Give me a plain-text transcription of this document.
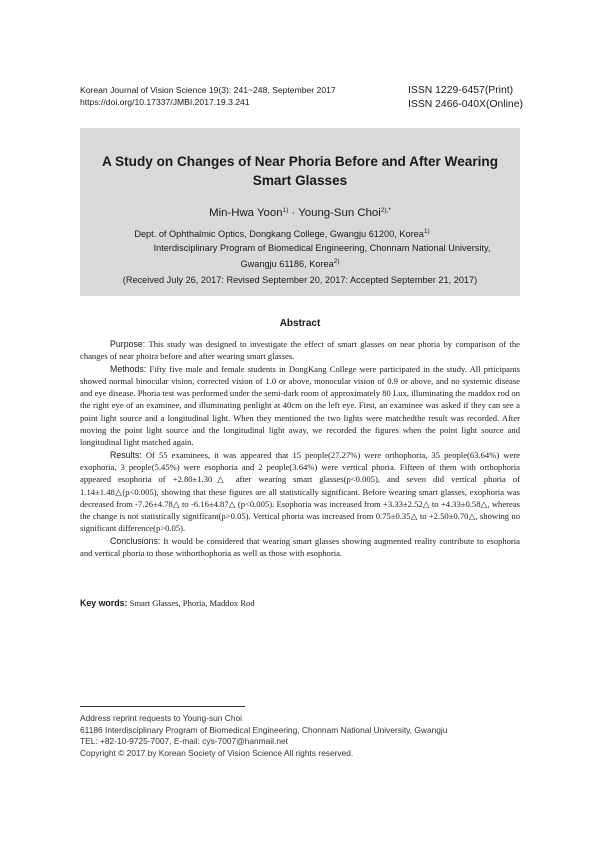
Korean Journal of Vision Science 19(3): 241~248, September 2017
https://doi.org/10.17337/JMBI.2017.19.3.241
ISSN 1229-6457(Print)
ISSN 2466-040X(Online)
A Study on Changes of Near Phoria Before and After Wearing
Smart Glasses
Min-Hwa Yoon$^{1)}$ · Young-Sun Choi$^{2),*}$
Dept. of Ophthalmic Optics, Dongkang College, Gwangju 61200, Korea$^{1)}$
Interdisciplinary Program of Biomedical Engineering, Chonnam National University,
Gwangju 61186, Korea$^{2)}$
(Received July 26, 2017: Revised September 20, 2017: Accepted September 21, 2017)
Abstract

Purpose: This study was designed to investigate the effect of smart glasses on near phoria by comparison of the changes of near phoira before and after wearing smart glasses.

Methods: Fifty five male and female students in DongKang College were participated in the study. All prticipants showed normal binocular vision, corrected vision of 1.0 or above, monocular vision of 0.9 or above, and no systemic disease and eye disease. Phoria test was performed under the semi-dark room of approximately 80 Lux, illuminating the maddox rod on the right eye of an examinee, and illuminating penlight at 40cm on the left eye. First, an examinee was asked if they can see a point light source and a longitudinal light. When they mentioned the two lights were matchedthe result was recorded. After moving the point light source and the longitudinal light away, we recorded the figures when the point light source and longitudinal light matched again.

Results: Of 55 examinees, it was appeared that 15 people(27.27%) were orthophoria, 35 people(63.64%) were exophoria, 3 people(5.45%) were esophoria and 2 people(3.64%) were vertical phoria. Fifteen of them with orthophoria appeared esophoria of +2.80±1.30△ after wearing smart glasses(p<0.005), and seven did vertical phoria of 1.14±1.48△(p<0.005), showing that these figures are all statistically significant. Before wearing smart glasses, exophoria was decreased from -7.26±4.78△ to -6.16±4.87△ (p<0.005). Esophoria was increased from +3.33±2.52△ to +4.33±0.58△, whereas the change is not statistically significant(p>0.05). Vertical phoria was increased from 0.75±0.35△ to +2.50±0.70△, showing no significant difference(p>0.05).

Conclusions: It would be considered that wearing smart glasses showing augmented reality contribute to esophoria and vertical phoria to those withorthophoria as well as those with esophoria.

Key words: Smart Glasses, Phoria, Maddox Rod
Address reprint requests to Young-sun Choi
61186 Interdisciplinary Program of Biomedical Engineering, Chonnam National University, Gwangju
TEL: +82-10-9725-7007, E-mail: cys-7007@hanmail.net
Copyright © 2017 by Korean Society of Vision Science All rights reserved.
